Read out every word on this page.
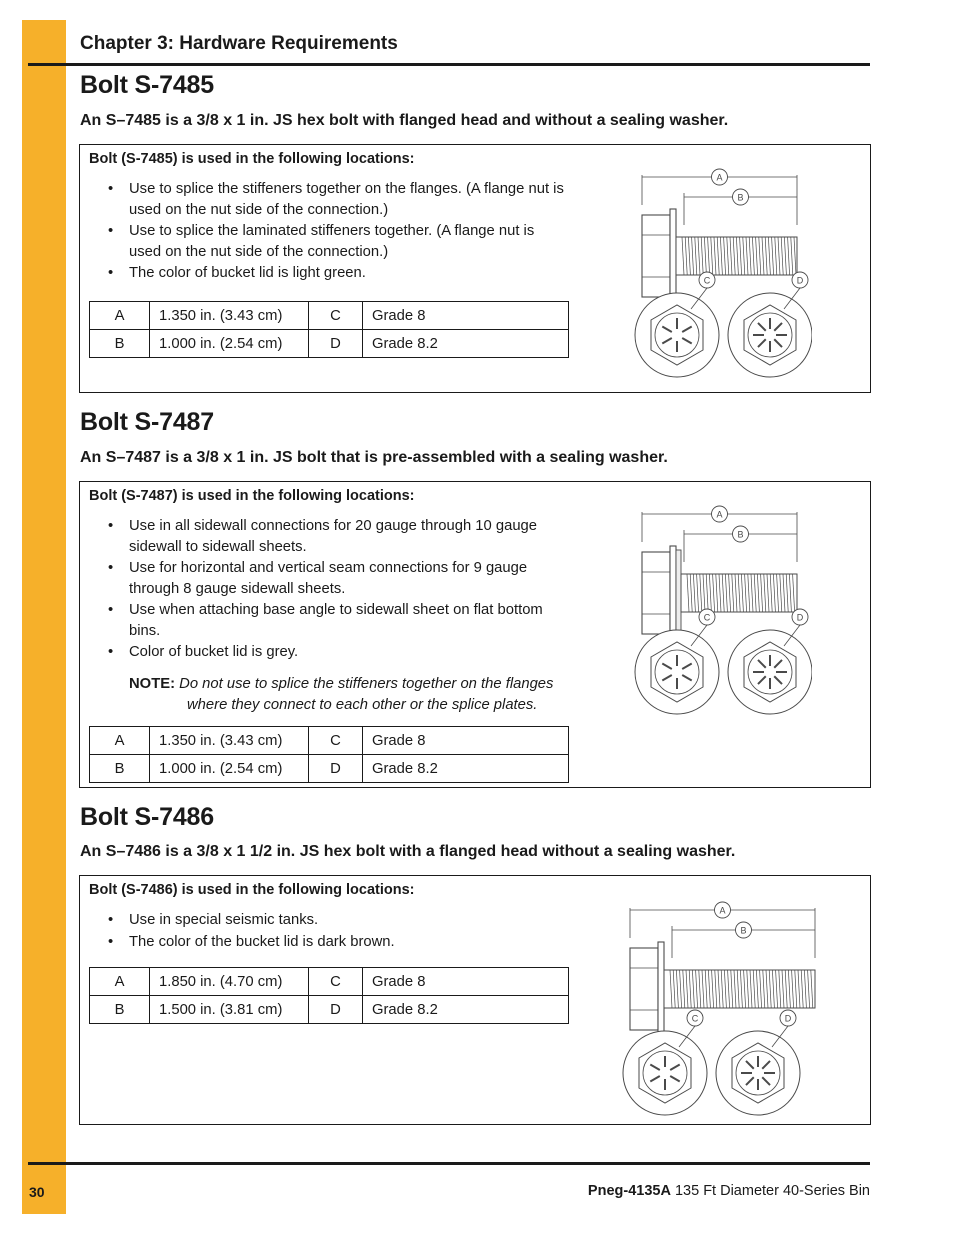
Chapter 3: Hardware Requirements
Bolt S-7485
An S–7485 is a 3/8 x 1 in. JS hex bolt with flanged head and without a sealing washer.
Bolt (S-7485) is used in the following locations:
• Use to splice the stiffeners together on the flanges. (A flange nut is used on the nut side of the connection.)
• Use to splice the laminated stiffeners together. (A flange nut is used on the nut side of the connection.)
• The color of bucket lid is light green.
A	1.350 in. (3.43 cm)	C	Grade 8
B	1.000 in. (2.54 cm)	D	Grade 8.2
A
B
C	D
Bolt S-7487
An S–7487 is a 3/8 x 1 in. JS bolt that is pre-assembled with a sealing washer.
Bolt (S-7487) is used in the following locations:
• Use in all sidewall connections for 20 gauge through 10 gauge sidewall to sidewall sheets.
• Use for horizontal and vertical seam connections for 9 gauge through 8 gauge sidewall sheets.
• Use when attaching base angle to sidewall sheet on flat bottom bins.
• Color of bucket lid is grey.
NOTE: Do not use to splice the stiffeners together on the flanges
where they connect to each other or the splice plates.
A	1.350 in. (3.43 cm)	C	Grade 8
B	1.000 in. (2.54 cm)	D	Grade 8.2
A
B
C	D
Bolt S-7486
An S–7486 is a 3/8 x 1 1/2 in. JS hex bolt with a flanged head without a sealing washer.
Bolt (S-7486) is used in the following locations:
• Use in special seismic tanks.
• The color of the bucket lid is dark brown.
A	1.850 in. (4.70 cm)	C	Grade 8
B	1.500 in. (3.81 cm)	D	Grade 8.2
A
B
C	D
30	Pneg-4135A 135 Ft Diameter 40-Series Bin
